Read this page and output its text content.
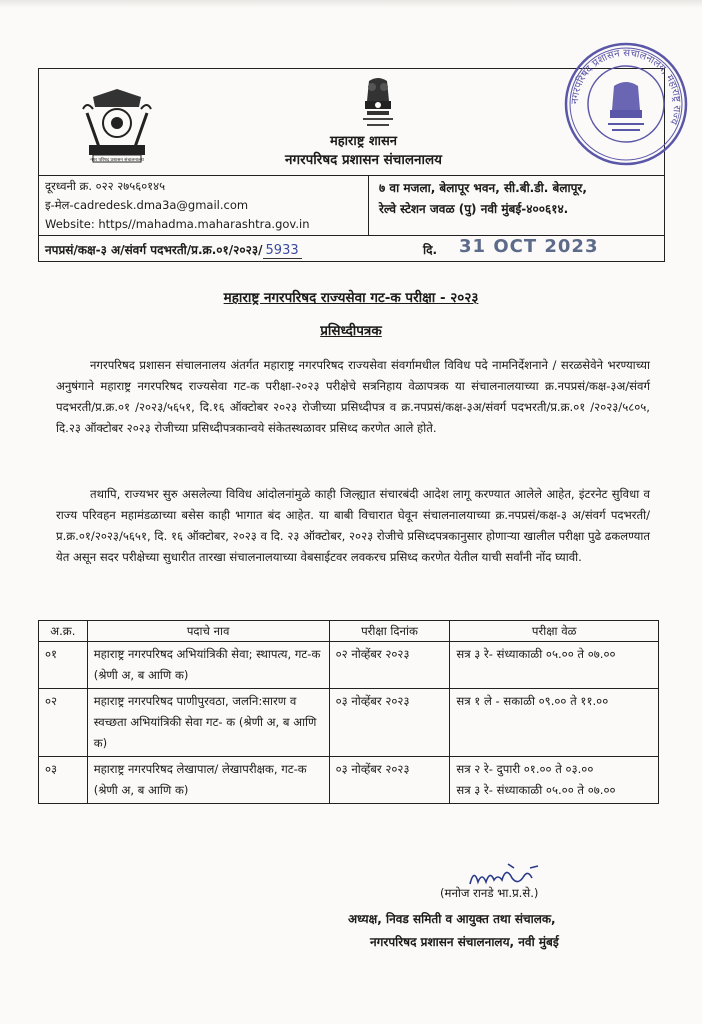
नगर परिषद प्रशासन संचालनालय
महाराष्ट्र शासन
नगरपरिषद प्रशासन संचालनालय
दूरध्वनी क्र. ०२२ २७५६०१४५
इ-मेल-cadredesk.dma3a@gmail.com
Website: https//mahadma.maharashtra.gov.in
७ वा मजला, बेलापूर भवन, सी.बी.डी. बेलापूर,
रेल्वे स्टेशन जवळ (पु) नवी मुंबई-४००६१४.
नपप्रसं/कक्ष-३ अ/संवर्ग पदभरती/प्र.क्र.०१/२०२३/ 5933	दि. 31 OCT 2023
नगरपरिषद प्रशासन संचालनालय, महाराष्ट्र राज्य
महाराष्ट्र नगरपरिषद राज्यसेवा गट-क परीक्षा - २०२३
प्रसिध्दीपत्रक
नगरपरिषद प्रशासन संचालनालय अंतर्गत महाराष्ट्र नगरपरिषद राज्यसेवा संवर्गामधील विविध पदे नामनिर्देशनाने / सरळसेवेने भरण्याच्या अनुषंगाने महाराष्ट्र नगरपरिषद राज्यसेवा गट-क परीक्षा-२०२३ परीक्षेचे सत्रनिहाय वेळापत्रक या संचालनालयाच्या क्र.नपप्रसं/कक्ष-३अ/संवर्ग पदभरती/प्र.क्र.०१ /२०२३/५६५१, दि.१६ ऑक्टोबर २०२३ रोजीच्या प्रसिध्दीपत्र व क्र.नपप्रसं/कक्ष-३अ/संवर्ग पदभरती/प्र.क्र.०१ /२०२३/५८०५, दि.२३ ऑक्टोबर २०२३ रोजीच्या प्रसिध्दीपत्रकान्वये संकेतस्थळावर प्रसिध्द करणेत आले होते.
तथापि, राज्यभर सुरु असलेल्या विविध आंदोलनांमुळे काही जिल्ह्यात संचारबंदी आदेश लागू करण्यात आलेले आहेत, इंटरनेट सुविधा व राज्य परिवहन महामंडळाच्या बसेस काही भागात बंद आहेत. या बाबी विचारात घेवून संचालनालयाच्या क्र.नपप्रसं/कक्ष-३ अ/संवर्ग पदभरती/ प्र.क्र.०१/२०२३/५६५१, दि. १६ ऑक्टोबर, २०२३ व दि. २३ ऑक्टोबर, २०२३ रोजीचे प्रसिध्दपत्रकानुसार होणाऱ्या खालील परीक्षा पुढे ढकलण्यात येत असून सदर परीक्षेच्या सुधारीत तारखा संचालनालयाच्या वेबसाईटवर लवकरच प्रसिध्द करणेत येतील याची सर्वांनी नोंद घ्यावी.
अ.क्र.	पदाचे नाव	परीक्षा दिनांक	परीक्षा वेळ
०१	महाराष्ट्र नगरपरिषद अभियांत्रिकी सेवा; स्थापत्य, गट-क (श्रेणी अ, ब आणि क)	०२ नोव्हेंबर २०२३	सत्र ३ रे- संध्याकाळी ०५.०० ते ०७.००

०२	महाराष्ट्र नगरपरिषद पाणीपुरवठा, जलनि:सारण व स्वच्छता अभियांत्रिकी सेवा गट- क (श्रेणी अ, ब आणि क)	०३ नोव्हेंबर २०२३	सत्र १ ले - सकाळी ०९.०० ते ११.००

०३	महाराष्ट्र नगरपरिषद लेखापाल/ लेखापरीक्षक, गट-क (श्रेणी अ, ब आणि क)	०३ नोव्हेंबर २०२३	सत्र २ रे- दुपारी ०१.०० ते ०३.००
सत्र ३ रे- संध्याकाळी ०५.०० ते ०७.००
(मनोज रानडे भा.प्र.से.)
अध्यक्ष, निवड समिती व आयुक्त तथा संचालक,
नगरपरिषद प्रशासन संचालनालय, नवी मुंबई
